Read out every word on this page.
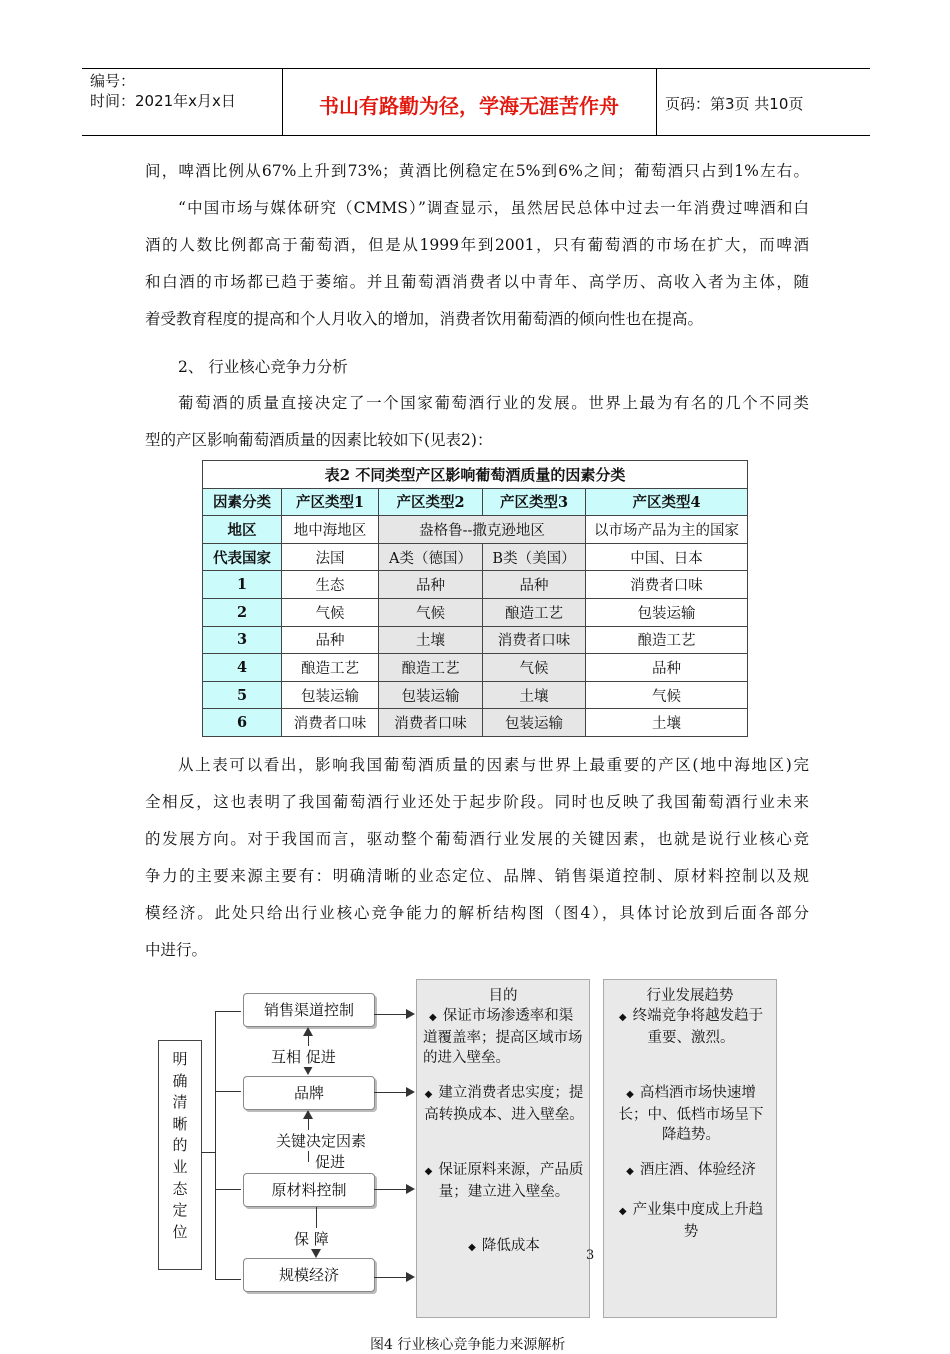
编号：
时间：2021年x月x日	书山有路勤为径，学海无涯苦作舟	页码：第3页 共10页

间，啤酒比例从67%上升到73%；黄酒比例稳定在5%到6%之间；葡萄酒只占到1%左右。

“中国市场与媒体研究（CMMS）”调查显示，虽然居民总体中过去一年消费过啤酒和白

酒的人数比例都高于葡萄酒，但是从1999年到2001，只有葡萄酒的市场在扩大，而啤酒

和白酒的市场都已趋于萎缩。并且葡萄酒消费者以中青年、高学历、高收入者为主体，随

着受教育程度的提高和个人月收入的增加，消费者饮用葡萄酒的倾向性也在提高。

2、 行业核心竞争力分析

葡萄酒的质量直接决定了一个国家葡萄酒行业的发展。世界上最为有名的几个不同类

型的产区影响葡萄酒质量的因素比较如下(见表2)：

表2 不同类型产区影响葡萄酒质量的因素分类				
因素分类	产区类型1	产区类型2	产区类型3	产区类型4
地区	地中海地区	盎格鲁--撒克逊地区		以市场产品为主的国家
代表国家	法国	A类（德国）	B类（美国）	中国、日本
1	生态	品种	品种	消费者口味
2	气候	气候	酿造工艺	包装运输
3	品种	土壤	消费者口味	酿造工艺
4	酿造工艺	酿造工艺	气候	品种
5	包装运输	包装运输	土壤	气候
6	消费者口味	消费者口味	包装运输	土壤

从上表可以看出，影响我国葡萄酒质量的因素与世界上最重要的产区(地中海地区)完

全相反，这也表明了我国葡萄酒行业还处于起步阶段。同时也反映了我国葡萄酒行业未来

的发展方向。对于我国而言，驱动整个葡萄酒行业发展的关键因素，也就是说行业核心竞

争力的主要来源主要有：明确清晰的业态定位、品牌、销售渠道控制、原材料控制以及规

模经济。此处只给出行业核心竞争能力的解析结构图（图4），具体讨论放到后面各部分

中进行。

明确清晰的业态定位
销售渠道控制
品牌
原材料控制
规模经济
互相 促进
关键决定因素
促进
保 障
目的
◆ 保证市场渗透率和渠道覆盖率；提高区域市场的进入壁垒。
◆ 建立消费者忠实度；提高转换成本、进入壁垒。
◆ 保证原料来源，产品质量；建立进入壁垒。
◆ 降低成本
行业发展趋势
◆ 终端竞争将越发趋于重要、激烈。
◆ 高档酒市场快速增长；中、低档市场呈下降趋势。
◆ 酒庄酒、体验经济
◆ 产业集中度成上升趋势
3
图4 行业核心竞争能力来源解析
